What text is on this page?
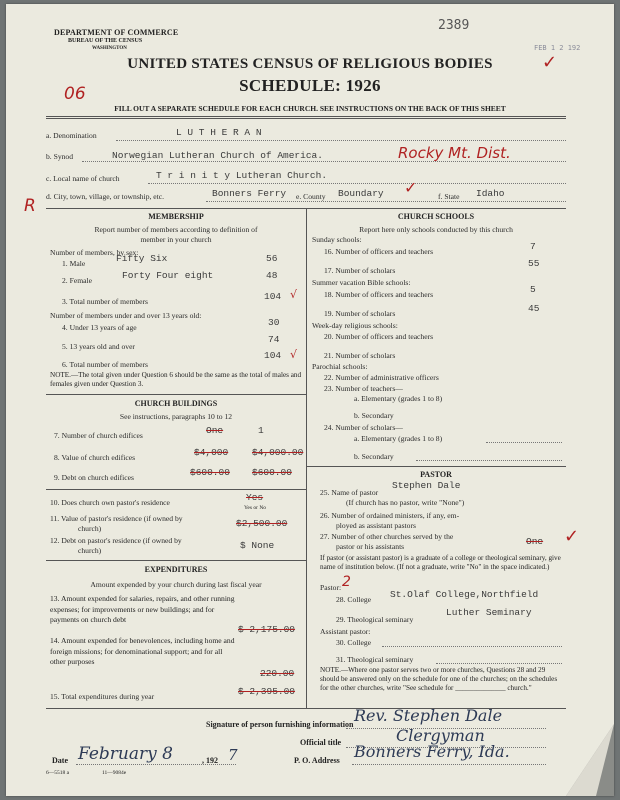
DEPARTMENT OF COMMERCE
BUREAU OF THE CENSUS
WASHINGTON
2389
FEB 1 2 192
✓
UNITED STATES CENSUS OF RELIGIOUS BODIES
SCHEDULE: 1926
06
FILL OUT A SEPARATE SCHEDULE FOR EACH CHURCH. SEE INSTRUCTIONS ON THE BACK OF THIS SHEET
a. Denomination	L U T H E R A N
b. Synod	Norwegian Lutheran Church of America.	Rocky Mt. Dist.
c. Local name of church	T r i n i t y Lutheran Church.
d. City, town, village, or township, etc.	Bonners Ferry e. County Boundary ✓	f. State Idaho
R
MEMBERSHIP
Report number of members according to definition of
member in your church
Number of members, by sex:
1. Male	Fifty Six	56
2. Female	Forty Four eight	48
3. Total number of members	104 √
Number of members under and over 13 years old:
4. Under 13 years of age	30
5. 13 years old and over
74
6. Total number of members
104 √
NOTE.—The total given under Question 6 should be the same as the total of males and females given under Question 3.
CHURCH BUILDINGS
See instructions, paragraphs 10 to 12
7. Number of church edifices	One	1
8. Value of church edifices	$4,000	$4,000.00
9. Debt on church edifices	$600.00 $600.00
10. Does church own pastor's residence	Yes
Yes or No
11. Value of pastor's residence (if owned by
church)	$2,500.00
12. Debt on pastor's residence (if owned by
church)	$ None
EXPENDITURES
Amount expended by your church during last fiscal year
13. Amount expended for salaries, repairs, and other running expenses; for improvements or new buildings; and for payments on church debt
$ 2,175.00
14. Amount expended for benevolences, including home and foreign missions; for denominational support; and for all other purposes
220.00
15. Total expenditures during year	$ 2,395.00
CHURCH SCHOOLS
Report here only schools conducted by this church
Sunday schools:
16. Number of officers and teachers	7
17. Number of scholars
55
Summer vacation Bible schools:
18. Number of officers and teachers	5
19. Number of scholars	45
Week-day religious schools:
20. Number of officers and teachers
21. Number of scholars
Parochial schools:
22. Number of administrative officers
23. Number of teachers—
a. Elementary (grades 1 to 8)
b. Secondary
24. Number of scholars—
a. Elementary (grades 1 to 8)
b. Secondary
PASTOR
25. Name of pastor
Stephen Dale
(If church has no pastor, write "None")
26. Number of ordained ministers, if any, em-
ployed as assistant pastors
27. Number of other churches served by the
pastor or his assistants	One ✓
If pastor (or assistant pastor) is a graduate of a college or theological seminary, give name of institution below. (If not a graduate, write "No" in the space indicated.)
Pastor: 2
28. College St.Olaf College,Northfield
29. Theological seminary
Luther Seminary
Assistant pastor:
30. College
31. Theological seminary
NOTE.—Where one pastor serves two or more churches, Questions 28 and 29 should be answered only on the schedule for one of the churches; on the schedules for the other churches, write "See schedule for ______________ church."
Signature of person furnishing information Rev. Stephen Dale
Official title	Clergyman
Date February 8	, 192 7	P. O. Address Bonners Ferry, Ida.
6—5518 a	11—9084e
